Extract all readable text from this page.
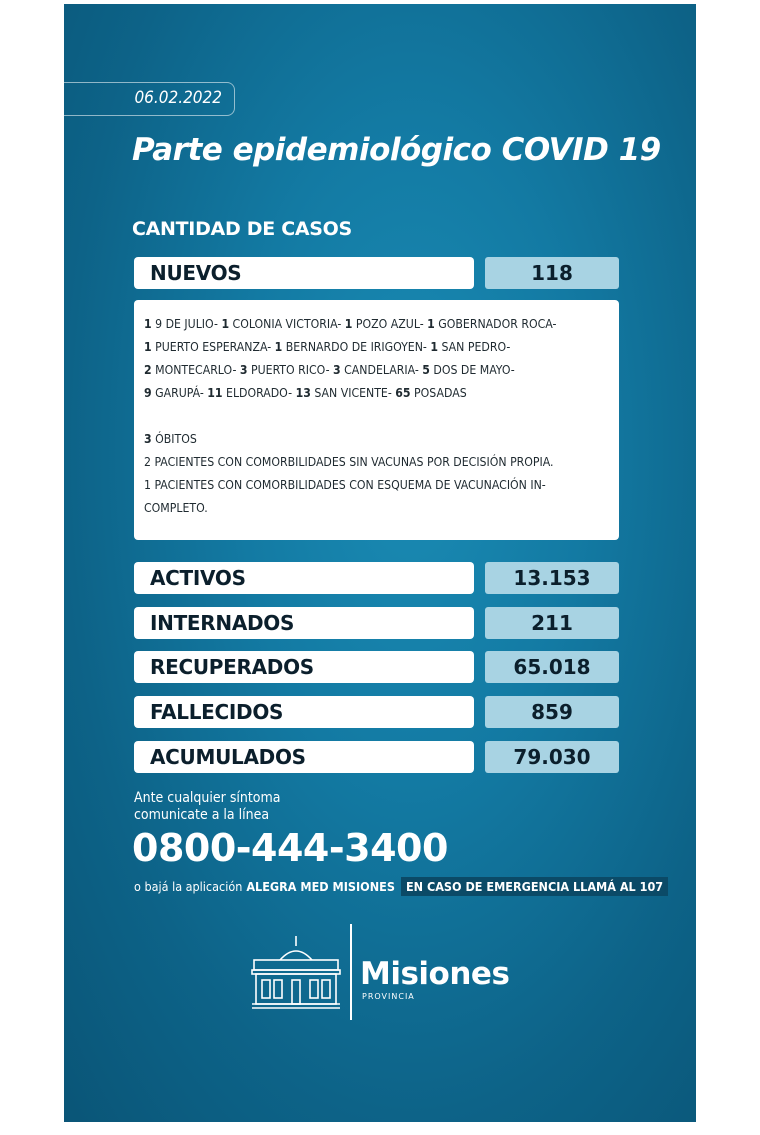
06.02.2022
Parte epidemiológico COVID 19
CANTIDAD DE CASOS
NUEVOS	118

1 9 DE JULIO- 1 COLONIA VICTORIA- 1 POZO AZUL- 1 GOBERNADOR ROCA-

1 PUERTO ESPERANZA- 1 BERNARDO DE IRIGOYEN- 1 SAN PEDRO-

2 MONTECARLO- 3 PUERTO RICO- 3 CANDELARIA- 5 DOS DE MAYO-

9 GARUPÁ- 11 ELDORADO- 13 SAN VICENTE- 65 POSADAS

3 ÓBITOS

2 PACIENTES CON COMORBILIDADES SIN VACUNAS POR DECISIÓN PROPIA.

1 PACIENTES CON COMORBILIDADES CON ESQUEMA DE VACUNACIÓN IN-

COMPLETO.

ACTIVOS	13.153
INTERNADOS	211
RECUPERADOS	65.018
FALLECIDOS	859
ACUMULADOS	79.030
Ante cualquier síntoma
comunicate a la línea
0800-444-3400
o bajá la aplicación ALEGRA MED MISIONES EN CASO DE EMERGENCIA LLAMÁ AL 107
Misiones
PROVINCIA
